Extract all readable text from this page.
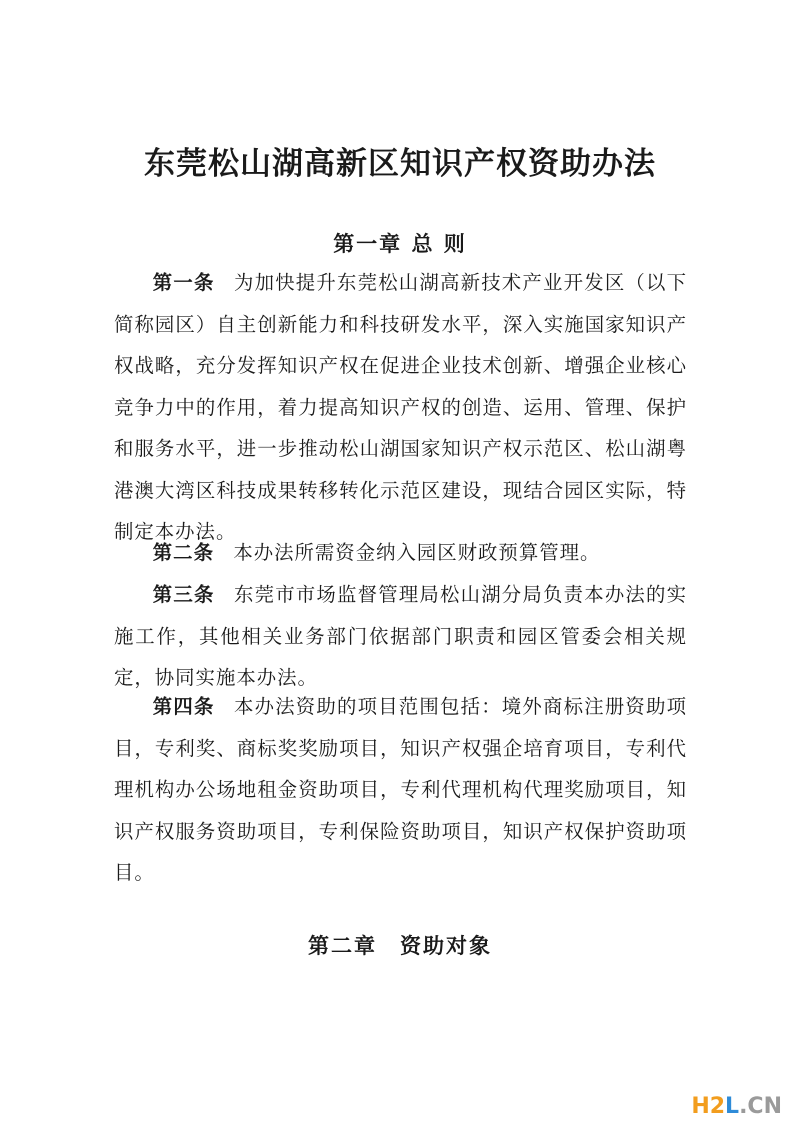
东莞松山湖高新区知识产权资助办法
第一章 总 则

第一条 为加快提升东莞松山湖高新技术产业开发区（以下简称园区）自主创新能力和科技研发水平，深入实施国家知识产权战略，充分发挥知识产权在促进企业技术创新、增强企业核心竞争力中的作用，着力提高知识产权的创造、运用、管理、保护和服务水平，进一步推动松山湖国家知识产权示范区、松山湖粤港澳大湾区科技成果转移转化示范区建设，现结合园区实际，特制定本办法。

第二条 本办法所需资金纳入园区财政预算管理。

第三条 东莞市市场监督管理局松山湖分局负责本办法的实施工作，其他相关业务部门依据部门职责和园区管委会相关规定，协同实施本办法。

第四条 本办法资助的项目范围包括：境外商标注册资助项目，专利奖、商标奖奖励项目，知识产权强企培育项目，专利代理机构办公场地租金资助项目，专利代理机构代理奖励项目，知识产权服务资助项目，专利保险资助项目，知识产权保护资助项目。

第二章　资助对象
H2L.CN
